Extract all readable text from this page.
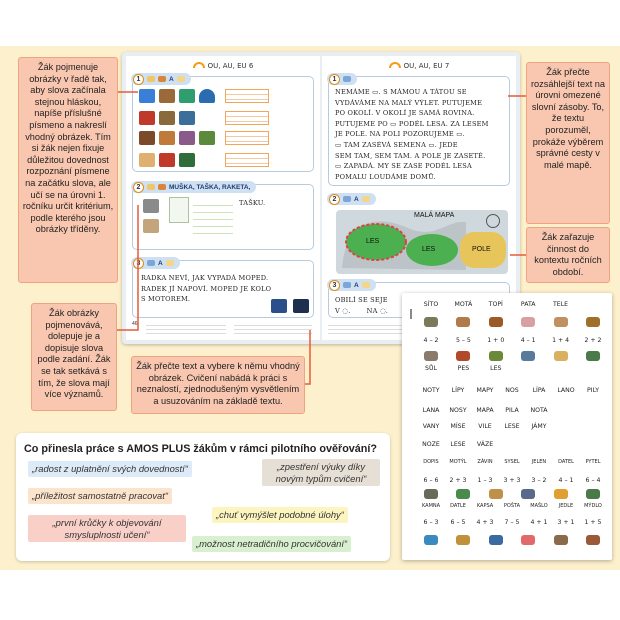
OU, AU, EU 6
1	A
2	MUŠKA, TAŠKA, RAKETA,
TAŠKU.
3	A
RADKA NEVÍ, JAK VYPADÁ MOPED.
RADEK JÍ NAPOVÍ. MOPED JE KOLO
S MOTOREM.
46
OU, AU, EU 7
1
NEMÁME ▭. S MÁMOU A TÁTOU SE
VYDÁVÁME NA MALÝ VÝLET. PUTUJEME
PO OKOLÍ. V OKOLÍ JE SAMÁ ROVINA.
PUTUJEME PO ▭ PODÉL LESA. ZA LESEM
JE POLE. NA POLI POZORUJEME ▭.
▭ TAM ZASÉVÁ SEMENA ▭. JEDE
SEM TAM, SEM TAM. A POLE JE ZASETÉ.
▭ ZAPADÁ. MY SE ZASE PODÉL LESA
POMALU LOUDÁME DOMŮ.
2	A
MALÁ MAPA
LES
LES	POLE
3	A
OBILÍ SE SEJE
V ◌. NA ◌.
Žák pojmenuje obrázky v řadě tak, aby slova začínala stejnou hláskou, napíše příslušné písmeno a nakreslí vhodný obrázek. Tím si žák nejen fixuje důležitou dovednost rozpoznání písmene na začátku slova, ale učí se na úrovni 1. ročníku určit kritérium, podle kterého jsou obrázky tříděny.
Žák obrázky pojmenovává, dolepuje je a dopisuje slova podle zadání. Žák se tak setkává s tím, že slova mají více významů.
Žák přečte rozsáhlejší text na úrovni omezené slovní zásoby. To, že textu porozuměl, prokáže výběrem správné cesty v malé mapě.
Žák zařazuje činnost do kontextu ročních období.
Žák přečte text a vybere k němu vhodný obrázek. Cvičení nabádá k práci s neznalostí, zjednodušeným vysvětlením a usuzováním na základě textu.
SÍTO	MOTÁ	TOPÍ	PATA	TELE
4 – 2	5 – 5	1 + 0	4 – 1	1 + 4	2 + 2
SŮL	PES	LES
NOTY	LÍPY	MAPY	NOS	LÍPA	LANO	PILY
LANA	NOSY	MAPA	PILA	NOTA
VANY	MÍSE	VILE	LESE	JÁMY
NOZE	LESE	VÁZE
DOPIS	MOTÝL	ZÁVIN	SYSEL	JELEN	DATEL	PYTEL
6 – 6	2 + 3	1 – 3	3 + 3	3 – 2	4 – 1	6 – 4
KAMNA	DATLE	KAPSA	POŠTA	MAŠLO	JEDLE	MÝDLO
6 – 3	6 – 5	4 + 3	7 – 5	4 + 1	3 + 1	1 + 5
Co přinesla práce s AMOS PLUS žákům v rámci pilotního ověřování?
„radost z uplatnění svých dovedností“
„příležitost samostatně pracovat“
„první krůčky k objevování smysluplnosti učení“
„zpestření výuky díky novým typům cvičení“
„chuť vymýšlet podobné úlohy“
„možnost netradičního procvičování“
